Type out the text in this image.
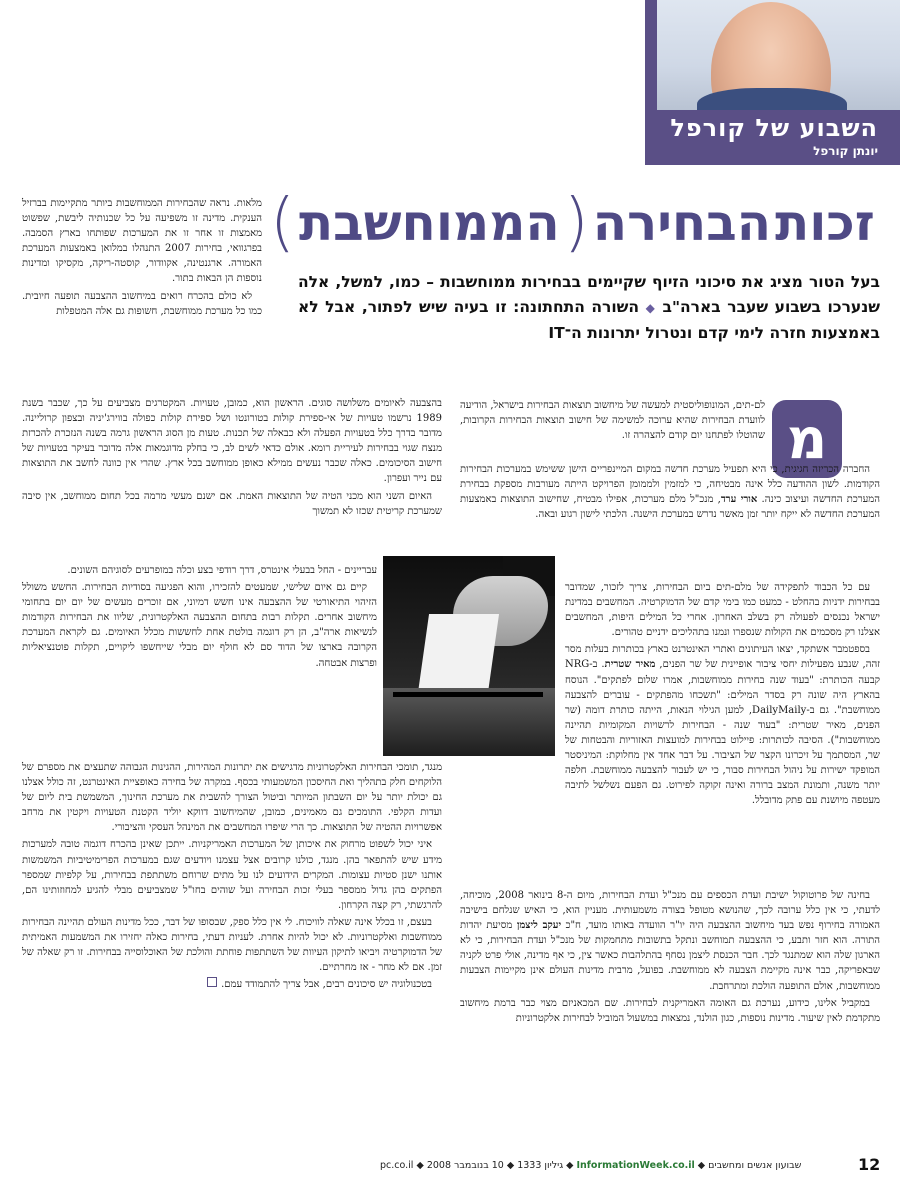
השבוע של קורפל
יונתן קורפל
זכות
הבחירה
(
הממוחשבת
)
בעל הטור מציג את סיכוני הזיוף שקיימים בבחירות ממוחשבות – כמו, למשל, אלה שנערכו בשבוע שעבר בארה"ב ◆ השורה התחתונה: זו בעיה שיש לפתור, אבל לא באמצעות חזרה לימי קדם ונטרול יתרונות ה־IT
מ

לם-תים, המונופוליסטית למעשה של מיחשוב תוצאות הבחירות בישראל, הודיעה לוועדת הבחירות שהיא ערוכה למשימה של חישוב תוצאות הבחירות הקרובות, שהוטלו לפתחנו יום קודם להצהרה זו.

החברה הכריזה חגיגית, כי היא תפעיל מערכת חדשה במקום המיינפריים הישן ששימש במערכות הבחירות הקודמות. לשון ההודעה כלל אינה מבטיחה, כי למזמין ולממומן הפרויקט הייתה מעורבות מספקת בבחירת המערכת החדשה ועיצוב כינה. אורי ערד, מנכ"ל מלם מערכות, אפילו מבטיח, שחישוב התוצאות באמצעות המערכת החדשה לא ייקח יותר זמן מאשר נדרש במערכת הישנה. הלכתי לישון רגוע ובאה.

עם כל הכבוד לתפקידה של מלם-תים ביום הבחירות, צריך לזכור, שמדובר בבחירות ידניות בהחלט - כמעט כמו בימי קדם של הדמוקרטיה. המחשבים במדינת ישראל נכנסים לפעולה רק בשלב האחרון. אחרי כל המילים היפות, המחשבים אצלנו רק מסכמים את הקולות שנספרו ונמנו בתהליכים ידניים טהורים.

בספטמבר אשתקד, יצאו העיתונים ואתרי האינטרנט בארץ בכותרות בעלות מסר זהה, שנבע מפעילות יחסי ציבור אופיינית של שר הפנים, מאיר שטרית. ב-NRG קבעה הכותרת: "בעוד שנה בחירות ממוחשבות, אמרו שלום לפתקים". הנוסח בהארץ היה שונה רק בסדר המילים: "תשכחו מהפתקים - עוברים להצבעה ממוחשבת". גם ב-DailyMaily, למען הגילוי הנאות, הייתה כותרת דומה (שר הפנים, מאיר שטרית: "בעוד שנה - הבחירות לרשויות המקומיות תהיינה ממוחשבות"). הסיבה לכותרות: פיילוט בבחירות למועצות האזוריות והבטחות של שר, המסתמך על זיכרונו הקצר של הציבור. על דבר אחד אין מחלוקת: המיניסטר המופקד ישירות על ניהול הבחירות סבור, כי יש לעבור להצבעה ממוחשבת. חלפה יותר משנה, ותמונת המצב ברורה ואינה זקוקה לפירוט. גם הפעם נשלשל לתיבה מעטפה מיושנת עם פתק מדובלל.

בחינה של פרוטוקול ישיבת ועדת הכספים עם מנכ"ל ועדת הבחירות, מיום ה-8 בינואר 2008, מוכיחה, לדעתי, כי אין כלל ערובה לכך, שהנושא מטופל בצורה משמעותית. מעניין הוא, כי האיש שנלחם בישיבה האמורה בחירוף נפש בעד מיחשוב ההצבעה היה יו"ר הוועדה באותו מועד, ח"כ יעקב ליצמן מסיעת יהדות התורה. הוא חזר ותבע, כי ההצבעה תמוחשב ונתקל בתשובות מתחמקות של מנכ"ל ועדת הבחירות, כי לא הארגון שלה הוא שמתנגד לכך. חבר הכנסת ליצמן נסחף בהתלהבות כאשר צין, כי אף מדינה, אולי פרט לקניה שבאפריקה, כבר אינה מקיימת הצבעה לא ממוחשבת. בפועל, מרבית מדינות העולם אינן מקיימות הצבעות ממוחשבות, אולם התופעה הולכת ומתרחבת.

במקביל אלינו, כידוע, נערכת גם האומה האמריקנית לבחירות. שם המכאניזם מצוי כבר ברמת מיחשוב מתקדמת לאין שיעור. מדינות נוספות, כגון הולנד, נמצאות במשעול המוביל לבחירות אלקטרוניות

מלאות. נראה שהבחירות הממוחשבות ביותר מתקיימות בברזיל הענקית. מדינה זו משפיעה על כל שכנותיה ליבשת, שפשוט מאמצות זו אחר זו את המערכות שפותחו בארץ הסמבה. בפרגוואי, בחירות 2007 התנהלו במלואן באמצעות המערכת האמורה. ארגנטינה, אקוודור, קוסטה-ריקה, מקסיקו ומדינות נוספות הן הבאות בתור.

לא כולם בהכרח רואים במיחשוב ההצבעה תופעה חיובית. כמו כל מערכת ממוחשבת, חשופות גם אלה המטפלות

בהצבעה לאיומים משלושה סוגים. הראשון הוא, כמובן, טעויות. המקטרגים מצביעים על כך, שכבר בשנת 1989 נרשמו טעויות של אי-ספירת קולות בטורונטו ושל ספירת קולות כפולה בווירג'יניה ובצפון קרוליינה. מדובר בדרך כלל בטעויות הפעלה ולא כבאלה של תכנות. טעות מן הסוג הראשון גרמה בשנה הנזכרת להכרזת מנצח שגוי בבחירות לעיריית רומא. אולם כדאי לשים לב, כי בחלק מדוגמאות אלה מדובר בעיקר בטעויות של חישוב הסיכומים. כאלה שכבר נעשים ממילא כאופן ממוחשב בכל ארץ. שהרי אין כוונה לחשב את התוצאות עם נייר ועפרון.

האיום השני הוא מכני הטיה של התוצאות האמת. אם ישנם מעשי מרמה בכל תחום ממוחשב, אין סיבה שמערכת קריטית שכזו לא תמשוך

עבריינים - החל בבעלי אינטרס, דרך רודפי בצע וכלה במופרעים לסוגיהם השונים.

קיים גם איום שלישי, שמעטים להזכירו, והוא הפגיעה בסודיות הבחירות. החשש משולל הזיהוי התיאורטי של ההצבעה אינו חשש דמיוני, אם זוכרים מעשים של יום יום בתחומי מיחשוב אחרים. תקלות רבות בתחום ההצבעה האלקטרונית, שליוו את הבחירות הקודמות לנשיאות ארה"ב, הן רק דוגמה בולטת אחת לחששות מכלל האיומים. גם לקראת המערכת הקרובה בארצו של הדוד סם לא חולף יום מבלי שייחשפו ליקויים, תקלות פוטנציאליות ופרצות אבטחה.

מנגד, תומכי הבחירות האלקטרוניות מדגישים את יתרונות המהירות, ההגינות הגבוהה שתעצים את מספרם של הלוקחים חלק בתהליך ואת החיסכון המשמעותי בכסף. במקרה של בחירה כאופציית האינטרנט, זה כולל אצלנו גם יכולת יותר על יום השבתון המיותר וביטול הצורך להשבית את מערכת החינוך, המשמשת בית ליום של ועדות הקלפי. התומכים גם מאמינים, כמובן, שהמיחשוב דווקא יוליד הקטנת הטעויות ויקטין את מרחב אפשרויות ההטיה של התוצאות. כך הרי שיפרו המחשבים את המינהל העסקי והציבורי.

איני יכול לשפוט מרחוק את איכותן של המערכות האמריקניות. ייתכן שאינן בהכרח דוגמה טובה למערכות מידע שיש להתפאר בהן. מנגד, כולנו קרובים אצל עצמנו ויודעים שגם במערכות הפרימיטיביות המשמשות אותנו ישנן סטיות עצומות. המקרים הידועים לנו על מתים שרוחם משתתפת בבחירות, על קלפיות שמספר הפתקים בהן גדול ממספר בעלי זכות הבחירה ועל שוהים בחו"ל שמצביעים מבלי להגיע למחוזותינו הם, להרגשתי, רק קצה הקרחון.

בעצם, זו בכלל אינה שאלה לוויכוח. לי אין כלל ספק, שבסופו של דבר, ככל מדינות העולם תהיינה הבחירות ממוחשבות ואלקטרוניות. לא יכול להיות אחרת. לעניות דעתי, בחירות כאלה יחזירו את המשמעות האמיתית של הדמוקרטיה ויביאו לתיקון העיוות של השתתפות פוחתת והולכת של האוכלוסייה בבחירות. זו רק שאלה של זמן. אם לא מחר - אז מחרתיים.

בטכנולוגיה יש סיכונים רבים, אבל צריך להתמודד עמם.

שבועון אנשים ומחשבים ◆ InformationWeek.co.il ◆ גיליון 1333 ◆ 10 בנובמבר 2008 ◆ pc.co.il	12
